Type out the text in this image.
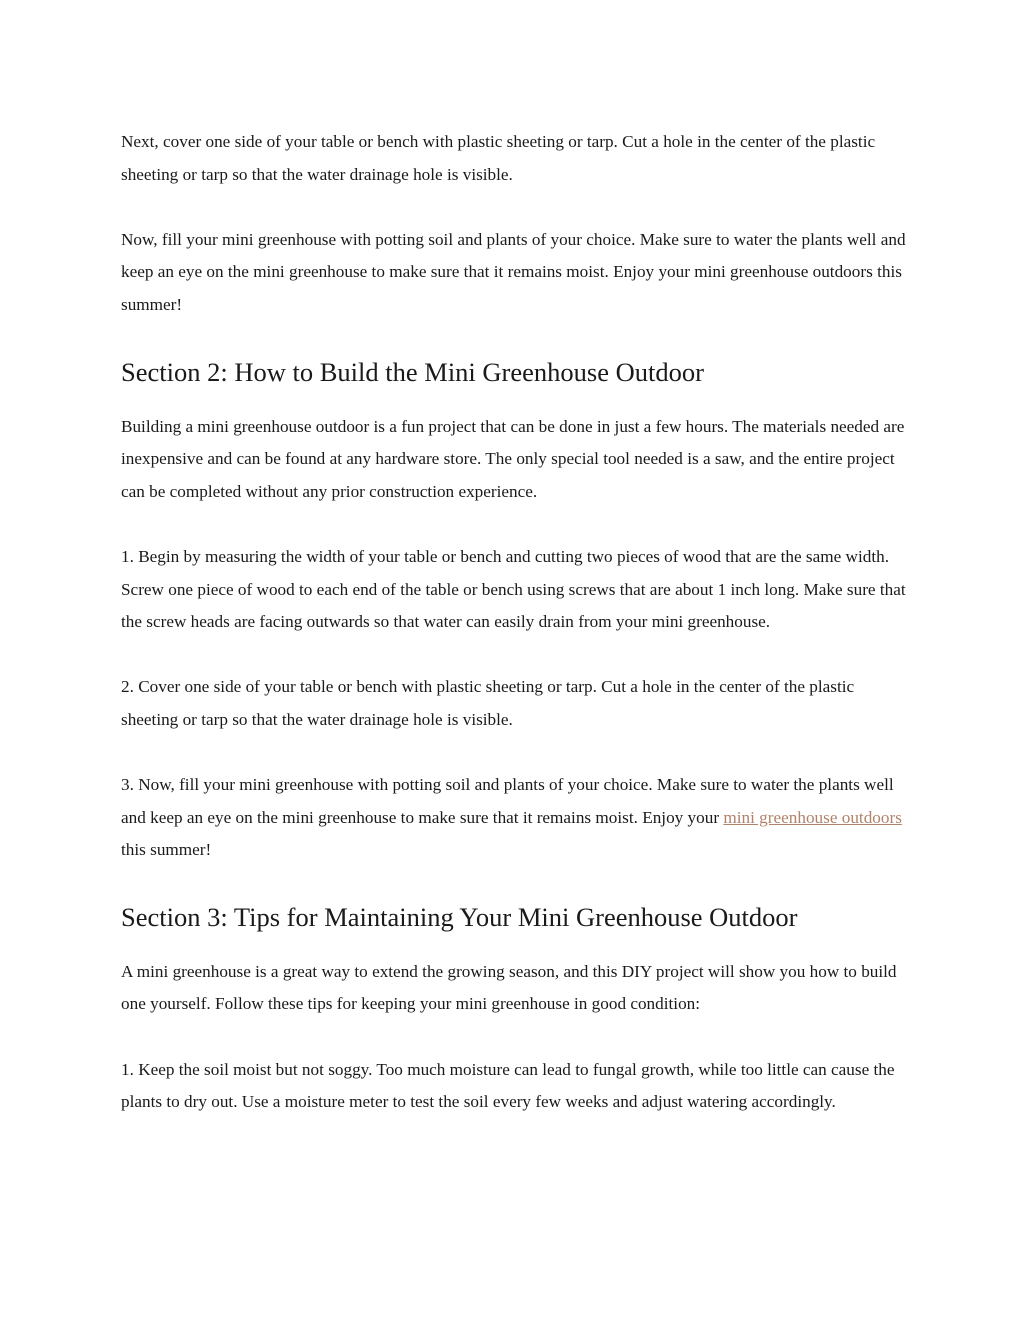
Next, cover one side of your table or bench with plastic sheeting or tarp. Cut a hole in the center of the plastic sheeting or tarp so that the water drainage hole is visible.

Now, fill your mini greenhouse with potting soil and plants of your choice. Make sure to water the plants well and keep an eye on the mini greenhouse to make sure that it remains moist. Enjoy your mini greenhouse outdoors this summer!

Section 2: How to Build the Mini Greenhouse Outdoor

Building a mini greenhouse outdoor is a fun project that can be done in just a few hours. The materials needed are inexpensive and can be found at any hardware store. The only special tool needed is a saw, and the entire project can be completed without any prior construction experience.

1. Begin by measuring the width of your table or bench and cutting two pieces of wood that are the same width. Screw one piece of wood to each end of the table or bench using screws that are about 1 inch long. Make sure that the screw heads are facing outwards so that water can easily drain from your mini greenhouse.

2. Cover one side of your table or bench with plastic sheeting or tarp. Cut a hole in the center of the plastic sheeting or tarp so that the water drainage hole is visible.

3. Now, fill your mini greenhouse with potting soil and plants of your choice. Make sure to water the plants well and keep an eye on the mini greenhouse to make sure that it remains moist. Enjoy your mini greenhouse outdoors this summer!

Section 3: Tips for Maintaining Your Mini Greenhouse Outdoor

A mini greenhouse is a great way to extend the growing season, and this DIY project will show you how to build one yourself. Follow these tips for keeping your mini greenhouse in good condition:

1. Keep the soil moist but not soggy. Too much moisture can lead to fungal growth, while too little can cause the plants to dry out. Use a moisture meter to test the soil every few weeks and adjust watering accordingly.
